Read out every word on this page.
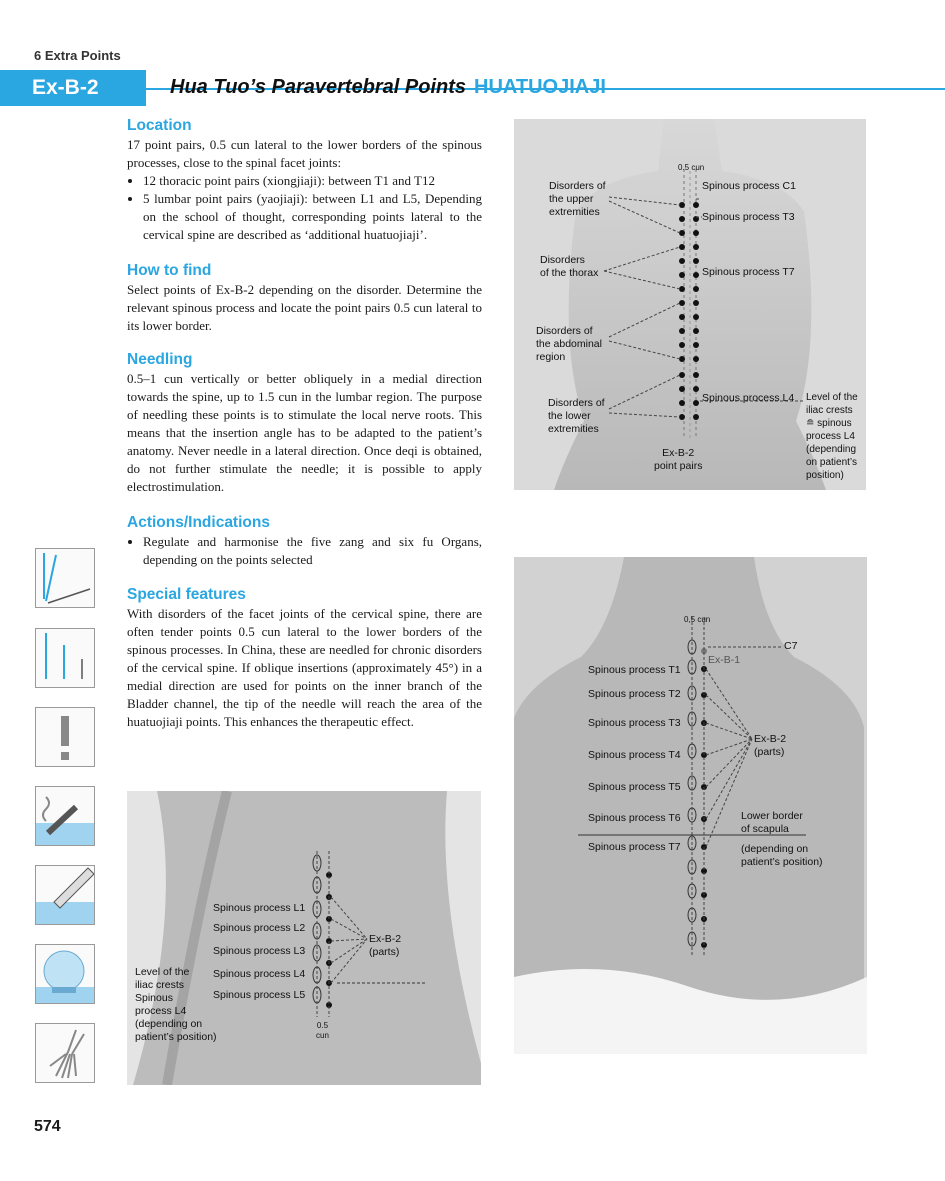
6 Extra Points
Ex-B-2	Hua Tuo’s Paravertebral Points HUATUOJIAJI
Location

17 point pairs, 0.5 cun lateral to the lower borders of the spinous processes, close to the spinal facet joints:

• 12 thoracic point pairs (xiongjiaji): between T1 and T12
• 5 lumbar point pairs (yaojiaji): between L1 and L5, Depending on the school of thought, corresponding points lateral to the cervical spine are described as ‘additional huatuojiaji’.
How to find

Select points of Ex-B-2 depending on the disorder. Determine the relevant spinous process and locate the point pairs 0.5 cun lateral to its lower border.

Needling

0.5–1 cun vertically or better obliquely in a medial direction towards the spine, up to 1.5 cun in the lumbar region. The purpose of needling these points is to stimulate the local nerve roots. This means that the insertion angle has to be adapted to the patient’s anatomy. Never needle in a lateral direction. Once deqi is obtained, do not further stimulate the needle; it is possible to apply electrostimulation.

Actions/Indications
• Regulate and harmonise the five zang and six fu Organs, depending on the points selected
Special features

With disorders of the facet joints of the cervical spine, there are often tender points 0.5 cun lateral to the lower borders of the spinous processes. In China, these are needled for chronic disorders of the cervical spine. If oblique insertions (approximately 45°) in a medial direction are used for points on the inner branch of the Bladder channel, the tip of the needle will reach the area of the huatuojiaji points. This enhances the therapeutic effect.

0.5 cun
Disorders of
the upper
extremities
Disorders
of the thorax
Disorders of
the abdominal
region
Disorders of
the lower
extremities
Spinous process C1
Spinous process T3
Spinous process T7
Spinous process L4 Level of the
iliac crests
≘ spinous
process L4
(depending
on patient’s
position)
Ex-B-2
point pairs
0,5 cun
C7
Ex-B-1
Spinous process T1
Spinous process T2
Spinous process T3
Spinous process T4
Spinous process T5
Spinous process T6
Spinous process T7
Ex-B-2
(parts)
Lower border
of scapula
(depending on
patient’s position)
Spinous process L1
Spinous process L2
Spinous process L3
Spinous process L4
Spinous process L5
Ex-B-2
(parts)
Level of the
iliac crests
Spinous
process L4
(depending on
patient’s position)
0.5
cun
574
